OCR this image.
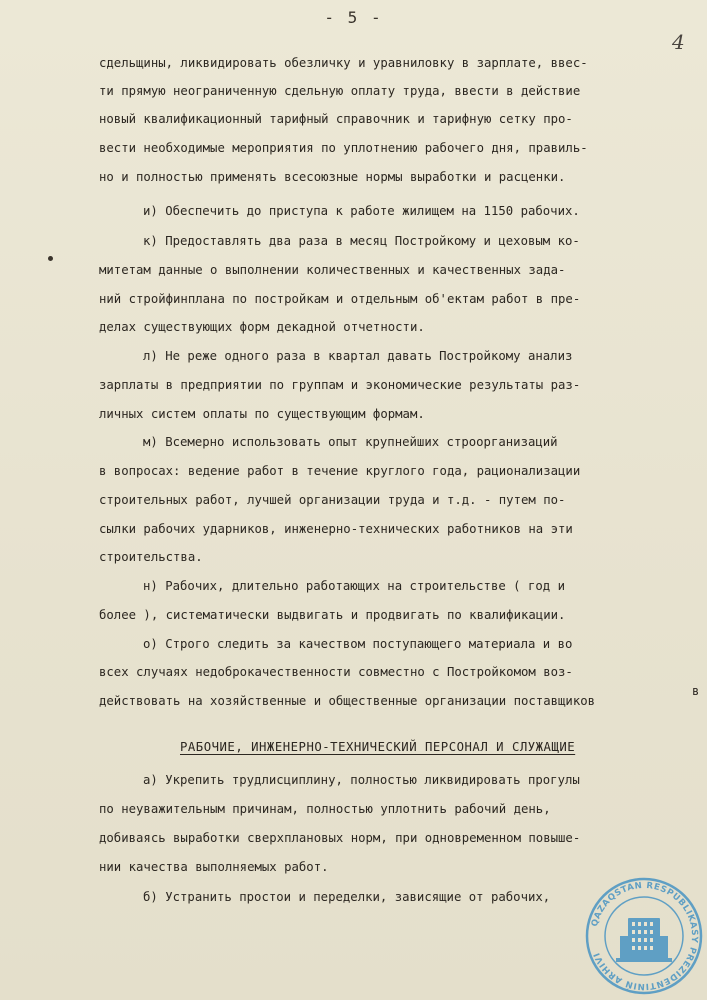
- 5 -
4
сдельщины, ликвидировать обезличку и уравниловку в зарплате, ввес-
ти прямую неограниченную сдельную оплату труда, ввести в действие
новый квалификационный тарифный справочник и тарифную сетку про-
вести необходимые мероприятия по уплотнению рабочего дня, правиль-
но и полностью применять всесоюзные нормы выработки и расценки.
и) Обеспечить до приступа к работе жилищем на 1150 рабочих.
к) Предоставлять два раза в месяц Постройкому и цеховым ко-
митетам данные о выполнении количественных и качественных зада-
ний стройфинплана по постройкам и отдельным об'ектам работ в пре-
делах существующих форм декадной отчетности.
л) Не реже одного раза в квартал давать Постройкому анализ
зарплаты в предприятии по группам и экономические результаты раз-
личных систем оплаты по существующим формам.
м) Всемерно использовать опыт крупнейших строорганизаций
в вопросах: ведение работ в течение круглого года, рационализации
строительных работ, лучшей организации труда и т.д. - путем по-
сылки рабочих ударников, инженерно-технических работников на эти
строительства.
н) Рабочих, длительно работающих на строительстве ( год и
более ), систематически выдвигать и продвигать по квалификации.
о) Строго следить за качеством поступающего материала и во
всех случаях недоброкачественности совместно с Постройкомом воз-
действовать на хозяйственные и общественные организации поставщиков
в
РАБОЧИЕ, ИНЖЕНЕРНО-ТЕХНИЧЕСКИЙ ПЕРСОНАЛ И СЛУЖАЩИЕ
а) Укрепить трудлисциплину, полностью ликвидировать прогулы
по неуважительным причинам, полностью уплотнить рабочий день,
добиваясь выработки сверхплановых норм, при одновременном повыше-
нии качества выполняемых работ.
б) Устранить простои и переделки, зависящие от рабочих,
QAZAQSTAN RESPUBLIKASY PREZIDENTINIŃ ARHIVI
